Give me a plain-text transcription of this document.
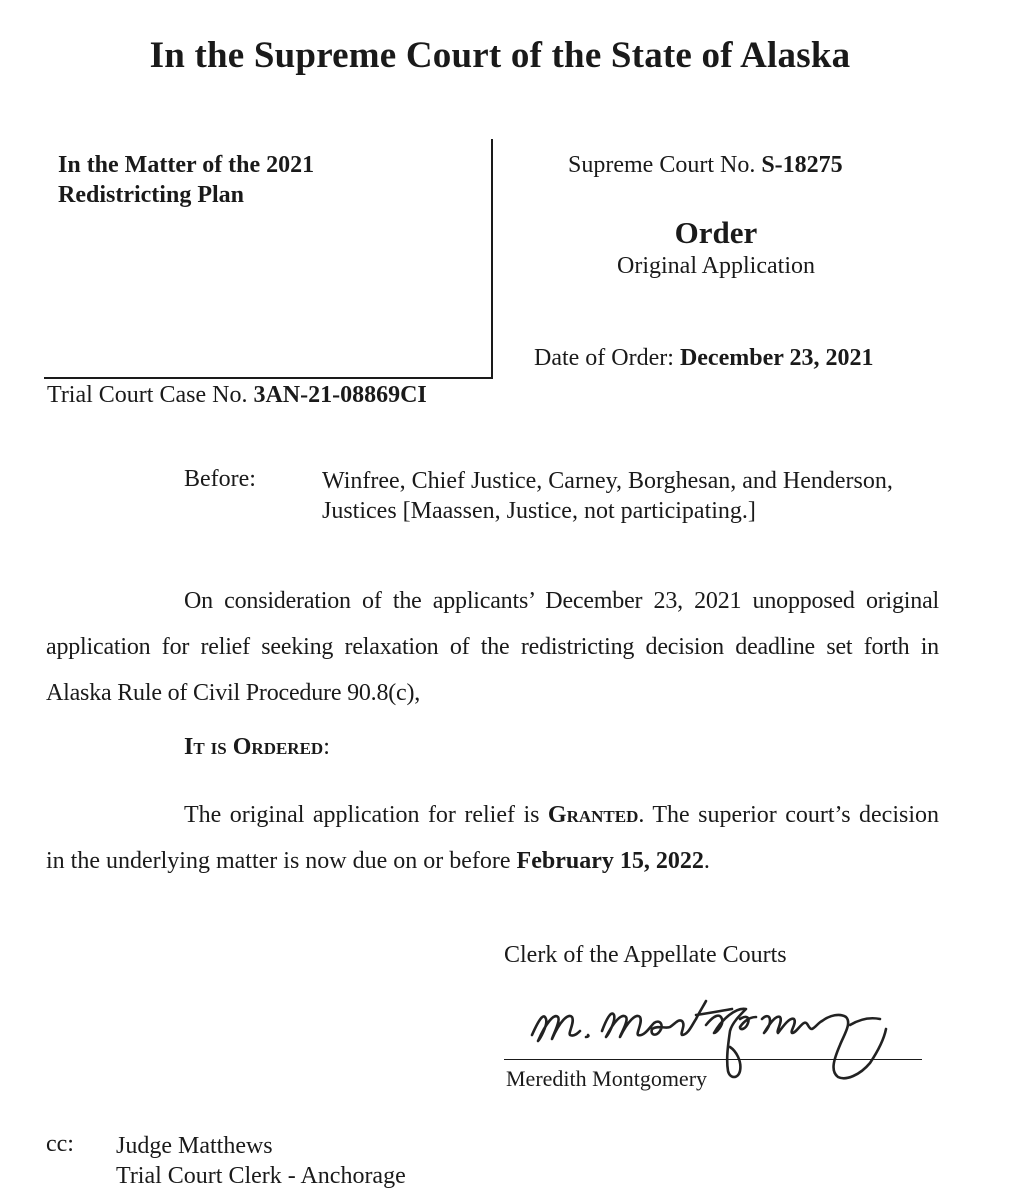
In the Supreme Court of the State of Alaska
In the Matter of the 2021
Redistricting Plan
Supreme Court No. S-18275
Order
Original Application
Date of Order: December 23, 2021
Trial Court Case No. 3AN-21-08869CI
Before:	Winfree, Chief Justice, Carney, Borghesan, and Henderson,
Justices [Maassen, Justice, not participating.]
On consideration of the applicants’ December 23, 2021 unopposed original application for relief seeking relaxation of the redistricting decision deadline set forth in Alaska Rule of Civil Procedure 90.8(c),
It is Ordered:
The original application for relief is Granted. The superior court’s decision in the underlying matter is now due on or before February 15, 2022.
Clerk of the Appellate Courts
Meredith Montgomery
cc: Judge Matthews
Trial Court Clerk - Anchorage
